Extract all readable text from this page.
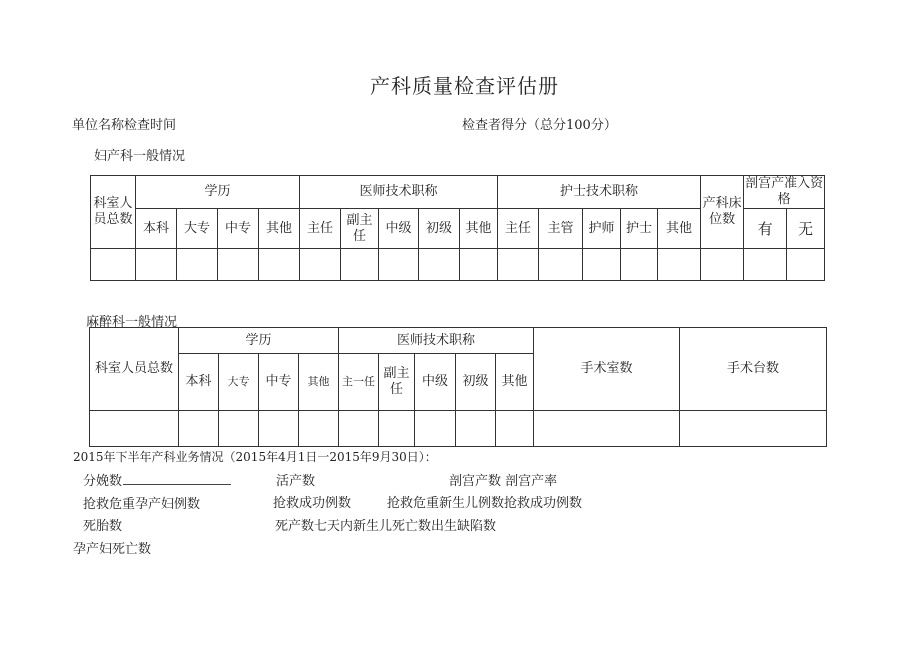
产科质量检查评估册
单位名称检查时间	检查者得分（总分100分）
妇产科一般情况
科室人员总数	学历				医师技术职称					护士技术职称					产科床位数	剖宫产准入资格	
	本科	大专	中专	其他	主任	副主任	中级	初级	其他	主任	主管	护师	护士	其他		有	无

麻醉科一般情况
科室人员总数	学历				医师技术职称					手术室数	手术台数
	本科	大专	中专	其他	主一任	副主任	中级	初级	其他		

2015年下半年产科业务情况（2015年4月1日一2015年9月30日）：
分娩数	活产数	剖宫产数 剖宫产率
抢救危重孕产妇例数	抢救成功例数	抢救危重新生儿例数抢救成功例数
死胎数	死产数七天内新生儿死亡数出生缺陷数
孕产妇死亡数
